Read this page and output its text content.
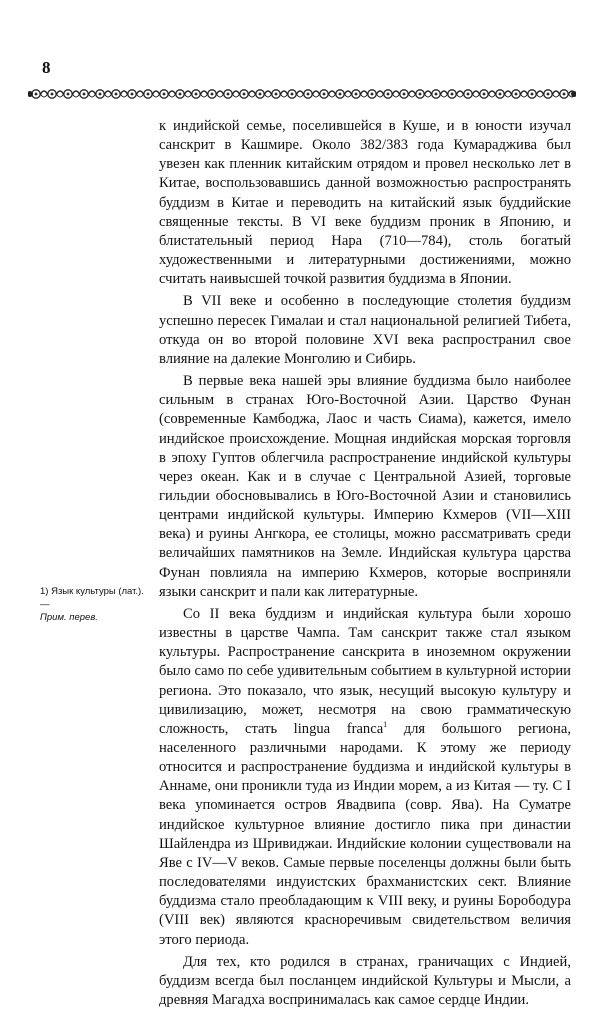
8

к индийской семье, поселившейся в Куше, и в юности изучал санскрит в Кашмире. Около 382/383 года Кумараджива был увезен как пленник китайским отрядом и провел несколько лет в Китае, воспользовавшись данной возможностью распространять буддизм в Китае и переводить на китайский язык буддийские священные тексты. В VI веке буддизм проник в Японию, и блистательный период Нара (710—784), столь богатый художественными и литературными достижениями, можно считать наивысшей точкой развития буддизма в Японии.

В VII веке и особенно в последующие столетия буддизм успешно пересек Гималаи и стал национальной религией Тибета, откуда он во второй половине XVI века распространил свое влияние на далекие Монголию и Сибирь.

В первые века нашей эры влияние буддизма было наиболее сильным в странах Юго-Восточной Азии. Царство Фунан (современные Камбоджа, Лаос и часть Сиама), кажется, имело индийское происхождение. Мощная индийская морская торговля в эпоху Гуптов облегчила распространение индийской культуры через океан. Как и в случае с Центральной Азией, торговые гильдии обосновывались в Юго-Восточной Азии и становились центрами индийской культуры. Империю Кхмеров (VII—XIII века) и руины Ангкора, ее столицы, можно рассматривать среди величайших памятников на Земле. Индийская культура царства Фунан повлияла на империю Кхмеров, которые восприняли языки санскрит и пали как литературные.

Со II века буддизм и индийская культура были хорошо известны в царстве Чампа. Там санскрит также стал языком культуры. Распространение санскрита в иноземном окружении было само по себе удивительным событием в культурной истории региона. Это показало, что язык, несущий высокую культуру и цивилизацию, может, несмотря на свою грамматическую сложность, стать lingua franca$^1$ для большого региона, населенного различными народами. К этому же периоду относится и распространение буддизма и индийской культуры в Аннаме, они проникли туда из Индии морем, а из Китая — ту. С I века упоминается остров Явадвипа (совр. Ява). На Суматре индийское культурное влияние достигло пика при династии Шайлендра из Шривиджаи. Индийские колонии существовали на Яве с IV—V веков. Самые первые поселенцы должны были быть последователями индуистских брахманистских сект. Влияние буддизма стало преобладающим к VIII веку, и руины Борободура (VIII век) являются красноречивым свидетельством величия этого периода.

Для тех, кто родился в странах, граничащих с Индией, буддизм всегда был посланцем индийской Культуры и Мысли, а древняя Магадха воспринималась как самое сердце Индии.

1) Язык культуры (лат.). —
Прим. перев.
